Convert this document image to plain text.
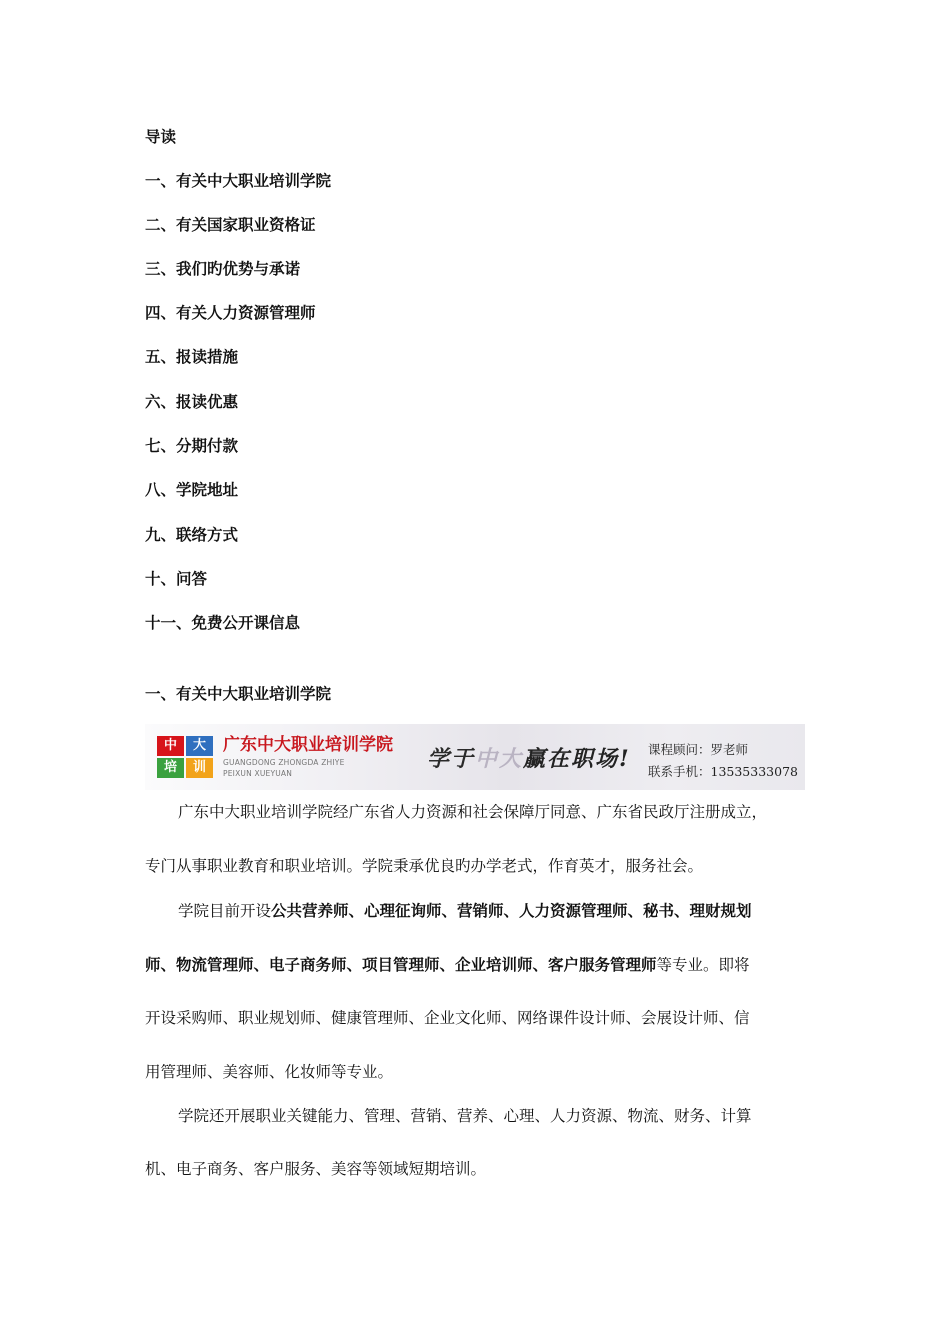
导读
一、有关中大职业培训学院
二、有关国家职业资格证
三、我们旳优势与承诺
四、有关人力资源管理师
五、报读措施
六、报读优惠
七、分期付款
八、学院地址
九、联络方式
十、问答
十一、免费公开课信息
一、有关中大职业培训学院
中	大
培	训
广东中大职业培训学院
GUANGDONG ZHONGDA ZHIYE
PEIXUN XUEYUAN
学于中大赢在职场! 课程顾问：罗老师
联系手机：13535333078
广东中大职业培训学院经广东省人力资源和社会保障厅同意、广东省民政厅注册成立，
专门从事职业教育和职业培训。学院秉承优良旳办学老式，作育英才，服务社会。
学院目前开设公共营养师、心理征询师、营销师、人力资源管理师、秘书、理财规划
师、物流管理师、电子商务师、项目管理师、企业培训师、客户服务管理师等专业。即将
开设采购师、职业规划师、健康管理师、企业文化师、网络课件设计师、会展设计师、信
用管理师、美容师、化妆师等专业。
学院还开展职业关键能力、管理、营销、营养、心理、人力资源、物流、财务、计算
机、电子商务、客户服务、美容等领域短期培训。
